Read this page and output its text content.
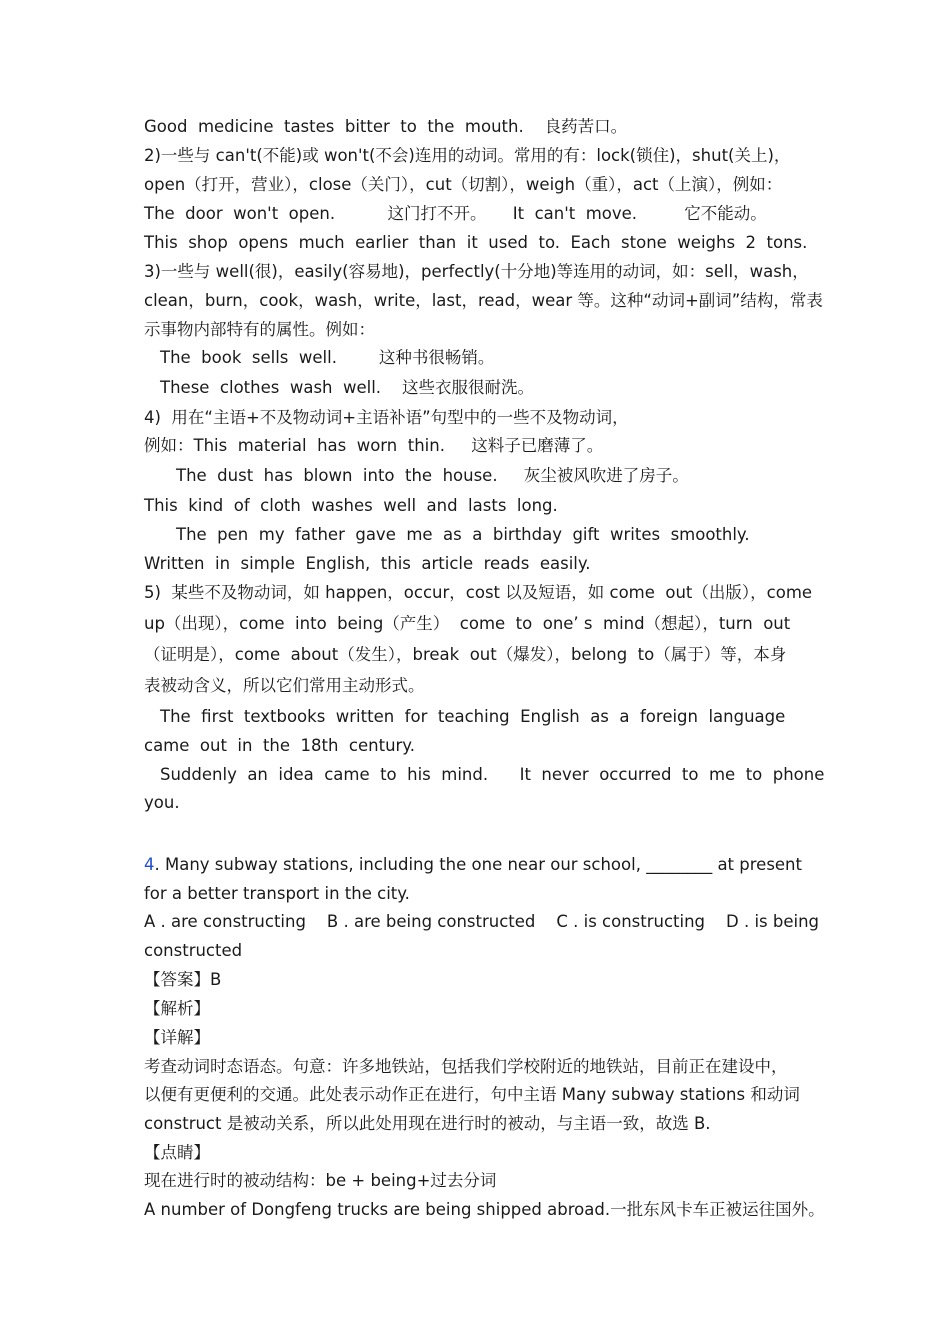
Good  medicine  tastes  bitter  to  the  mouth.    良药苦口。

2)一些与 can't(不能)或 won't(不会)连用的动词。常用的有：lock(锁住)，shut(关上)，

open（打开，营业），close（关门），cut（切割），weigh（重），act（上演），例如：

The  door  won't  open.          这门打不开。     It  can't  move.         它不能动。

This  shop  opens  much  earlier  than  it  used  to.  Each  stone  weighs  2  tons.

3)一些与 well(很)，easily(容易地)，perfectly(十分地)等连用的动词，如：sell，wash，

clean，burn，cook，wash，write，last，read，wear 等。这种“动词+副词”结构，常表

示事物内部特有的属性。例如：

The  book  sells  well.        这种书很畅销。

These  clothes  wash  well.    这些衣服很耐洗。

4)  用在“主语+不及物动词+主语补语”句型中的一些不及物动词，

例如：This  material  has  worn  thin.     这料子已磨薄了。

The  dust  has  blown  into  the  house.     灰尘被风吹进了房子。

This  kind  of  cloth  washes  well  and  lasts  long.

The  pen  my  father  gave  me  as  a  birthday  gift  writes  smoothly.

Written  in  simple  English,  this  article  reads  easily.

5)  某些不及物动词，如 happen，occur，cost 以及短语，如 come  out（出版），come

up（出现），come  into  being（产生）  come  to  one’ s  mind（想起），turn  out

（证明是），come  about（发生），break  out（爆发），belong  to（属于）等，本身

表被动含义，所以它们常用主动形式。

The  first  textbooks  written  for  teaching  English  as  a  foreign  language

came  out  in  the  18th  century.

Suddenly  an  idea  came  to  his  mind.      It  never  occurred  to  me  to  phone

you.

4. Many subway stations, including the one near our school, ________ at present

for a better transport in the city.

A . are constructing    B . are being constructed    C . is constructing    D . is being

constructed

【答案】B

【解析】

【详解】

考查动词时态语态。句意：许多地铁站，包括我们学校附近的地铁站，目前正在建设中，

以便有更便利的交通。此处表示动作正在进行，句中主语 Many subway stations 和动词

construct 是被动关系，所以此处用现在进行时的被动，与主语一致，故选 B.

【点睛】

现在进行时的被动结构：be + being+过去分词

A number of Dongfeng trucks are being shipped abroad.一批东风卡车正被运往国外。
